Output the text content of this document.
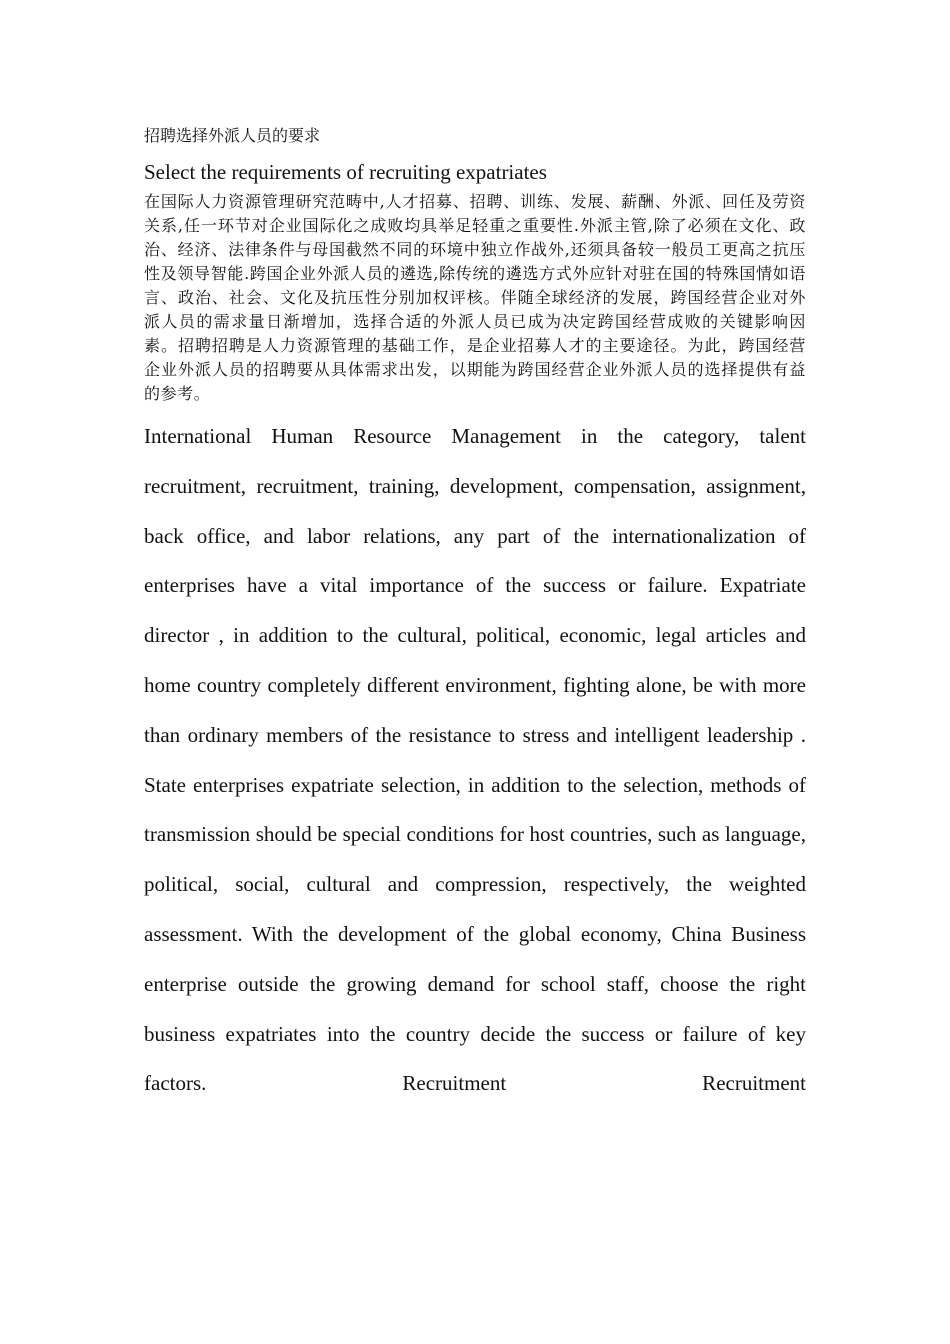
招聘选择外派人员的要求
Select the requirements of recruiting expatriates
在国际人力资源管理研究范畴中,人才招募、招聘、训练、发展、薪酬、外派、回任及劳资关系,任一环节对企业国际化之成败均具举足轻重之重要性.外派主管,除了必须在文化、政治、经济、法律条件与母国截然不同的环境中独立作战外,还须具备较一般员工更高之抗压性及领导智能.跨国企业外派人员的遴选,除传统的遴选方式外应针对驻在国的特殊国情如语言、政治、社会、文化及抗压性分别加权评核。伴随全球经济的发展，跨国经营企业对外派人员的需求量日渐增加，选择合适的外派人员已成为决定跨国经营成败的关键影响因素。招聘招聘是人力资源管理的基础工作，是企业招募人才的主要途径。为此，跨国经营企业外派人员的招聘要从具体需求出发，以期能为跨国经营企业外派人员的选择提供有益的参考。
International Human Resource Management in the category, talent recruitment, recruitment, training, development, compensation, assignment, back office, and labor relations, any part of the internationalization of enterprises have a vital importance of the success or failure. Expatriate director , in addition to the cultural, political, economic, legal articles and home country completely different environment, fighting alone, be with more than ordinary members of the resistance to stress and intelligent leadership . State enterprises expatriate selection, in addition to the selection, methods of transmission should be special conditions for host countries, such as language, political, social, cultural and compression, respectively, the weighted assessment. With the development of the global economy, China Business enterprise outside the growing demand for school staff, choose the right business expatriates into the country decide the success or failure of key factors. Recruitment Recruitment
